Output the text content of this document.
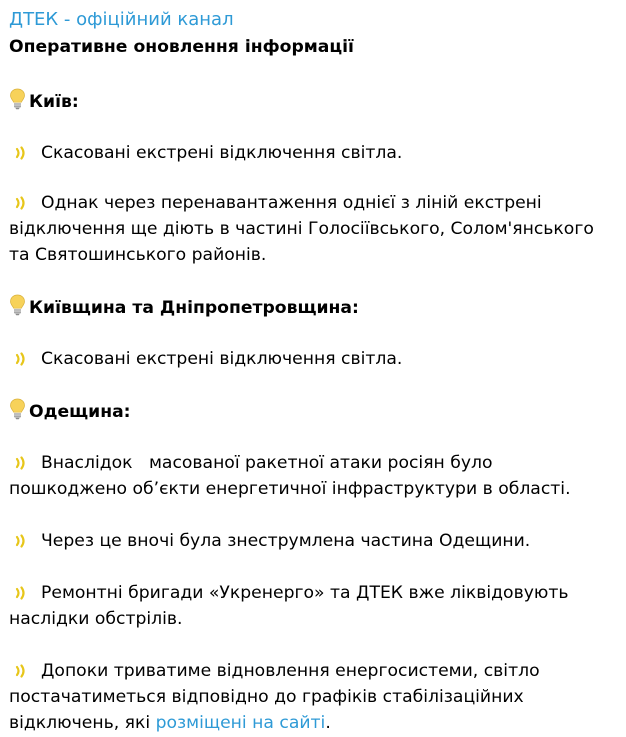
ДТЕК - офіційний канал
Оперативне оновлення інформації
Київ:
Скасовані екстрені відключення світла.
Однак через перенавантаження однієї з ліній екстрені
відключення ще діють в частині Голосіївського, Солом'янського
та Святошинського районів.
Київщина та Дніпропетровщина:
Скасовані екстрені відключення світла.
Одещина:
Внаслідок   масованої ракетної атаки росіян було
пошкоджено об’єкти енергетичної інфраструктури в області.
Через це вночі була знеструмлена частина Одещини.
Ремонтні бригади «Укренерго» та ДТЕК вже ліквідовують
наслідки обстрілів.
Допоки триватиме відновлення енергосистеми, світло
постачатиметься відповідно до графіків стабілізаційних
відключень, які розміщені на сайті.
